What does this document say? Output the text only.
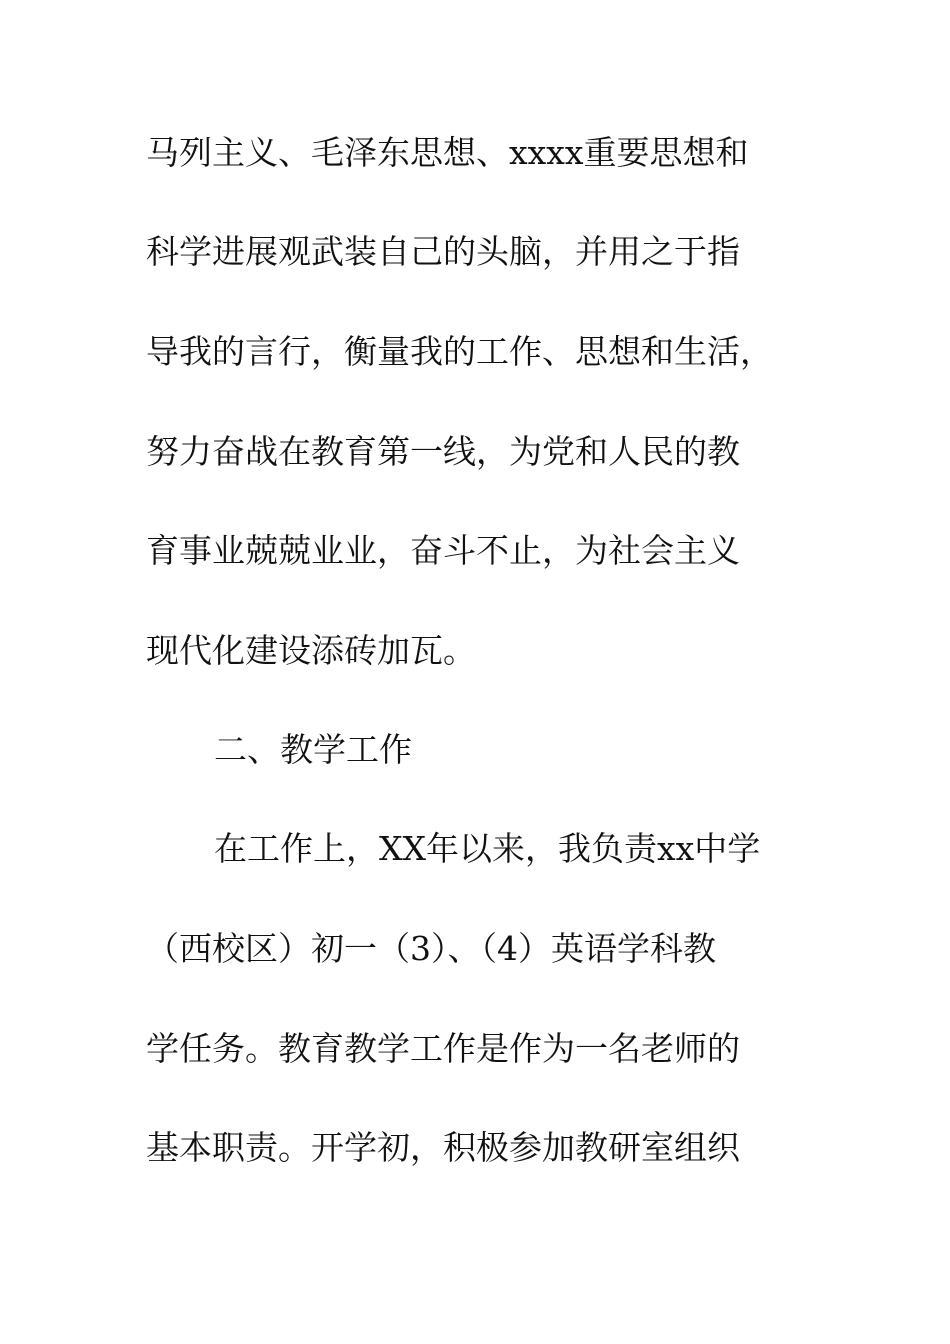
马列主义、毛泽东思想、xxxx重要思想和

科学进展观武装自己的头脑，并用之于指

导我的言行，衡量我的工作、思想和生活，

努力奋战在教育第一线，为党和人民的教

育事业兢兢业业，奋斗不止，为社会主义

现代化建设添砖加瓦。

二、教学工作

在工作上，XX年以来，我负责xx中学

（西校区）初一（3）、（4）英语学科教

学任务。教育教学工作是作为一名老师的

基本职责。开学初，积极参加教研室组织
